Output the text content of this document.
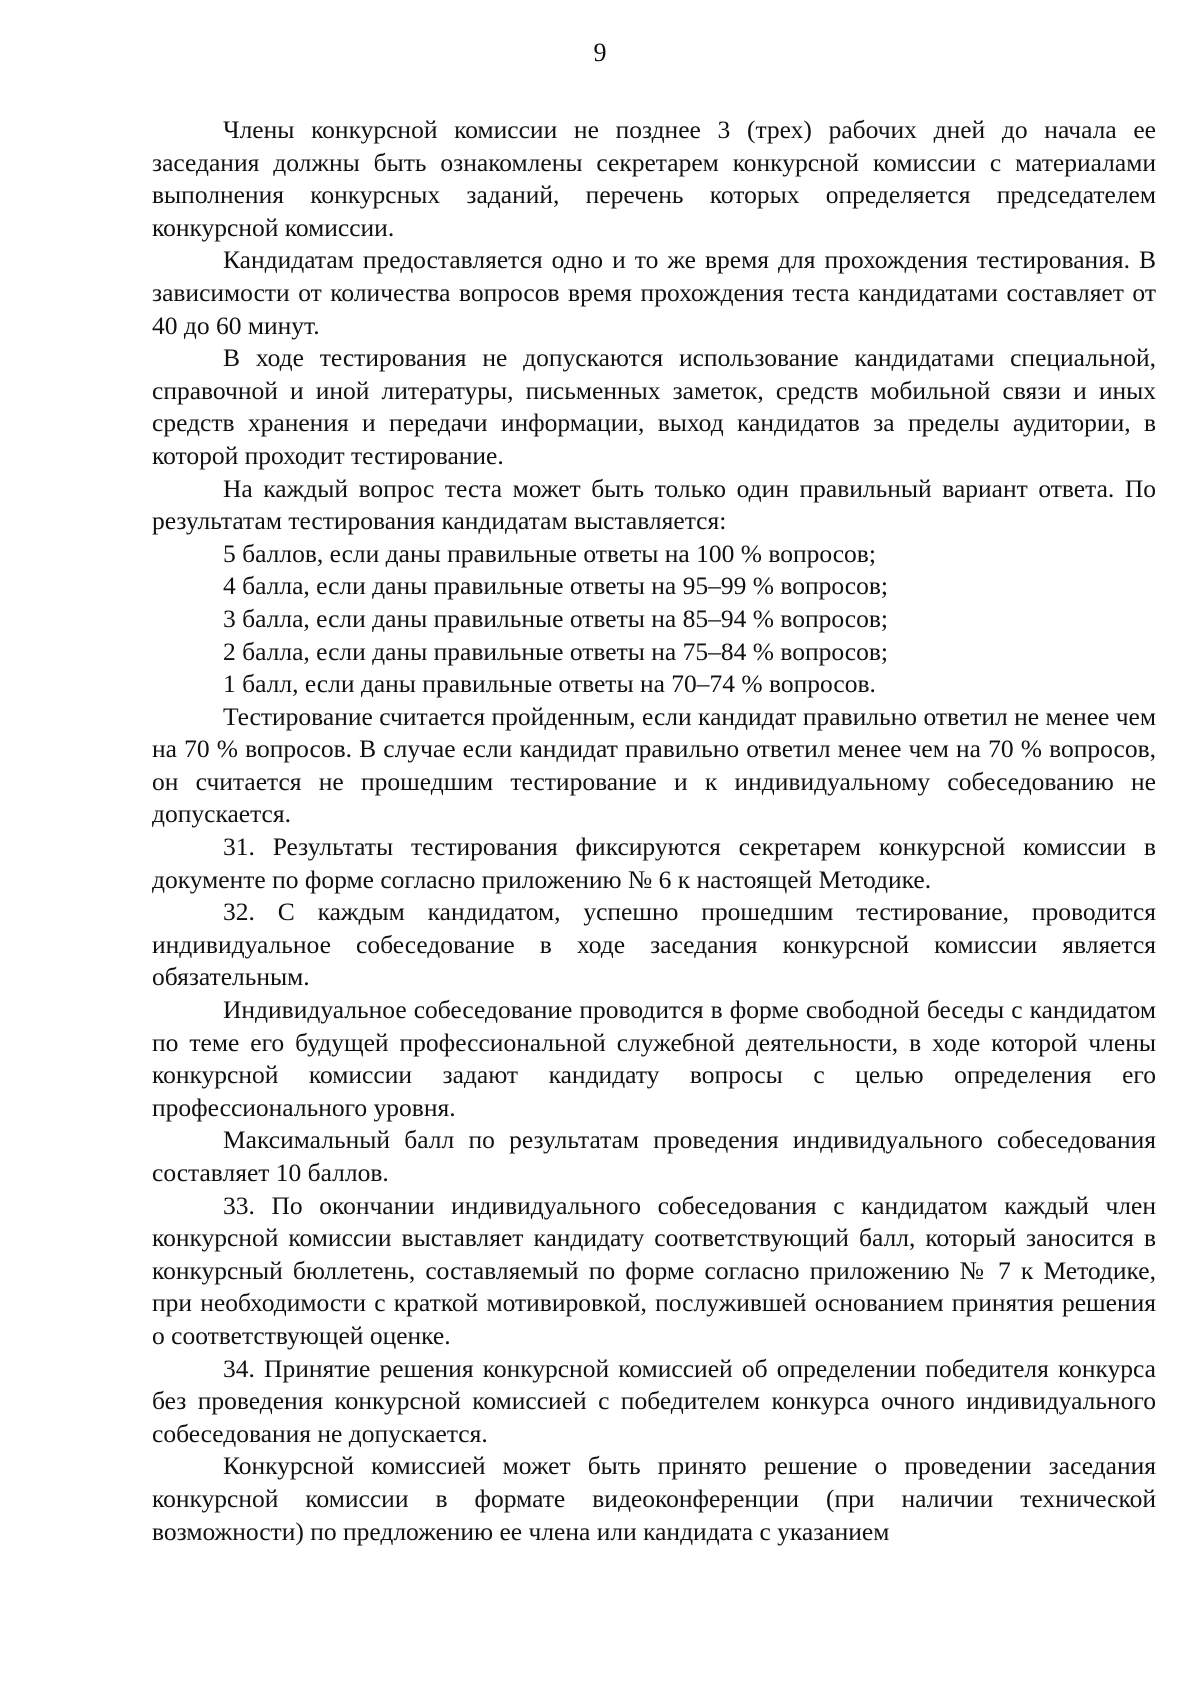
9

Члены конкурсной комиссии не позднее 3 (трех) рабочих дней до начала ее заседания должны быть ознакомлены секретарем конкурсной комиссии с материалами выполнения конкурсных заданий, перечень которых определяется председателем конкурсной комиссии.

Кандидатам предоставляется одно и то же время для прохождения тестирования. В зависимости от количества вопросов время прохождения теста кандидатами составляет от 40 до 60 минут.

В ходе тестирования не допускаются использование кандидатами специальной, справочной и иной литературы, письменных заметок, средств мобильной связи и иных средств хранения и передачи информации, выход кандидатов за пределы аудитории, в которой проходит тестирование.

На каждый вопрос теста может быть только один правильный вариант ответа. По результатам тестирования кандидатам выставляется:

5 баллов, если даны правильные ответы на 100 % вопросов;

4 балла, если даны правильные ответы на 95–99 % вопросов;

3 балла, если даны правильные ответы на 85–94 % вопросов;

2 балла, если даны правильные ответы на 75–84 % вопросов;

1 балл, если даны правильные ответы на 70–74 % вопросов.

Тестирование считается пройденным, если кандидат правильно ответил не менее чем на 70 % вопросов. В случае если кандидат правильно ответил менее чем на 70 % вопросов, он считается не прошедшим тестирование и к индивидуальному собеседованию не допускается.

31. Результаты тестирования фиксируются секретарем конкурсной комиссии в документе по форме согласно приложению № 6 к настоящей Методике.

32. С каждым кандидатом, успешно прошедшим тестирование, проводится индивидуальное собеседование в ходе заседания конкурсной комиссии является обязательным.

Индивидуальное собеседование проводится в форме свободной беседы с кандидатом по теме его будущей профессиональной служебной деятельности, в ходе которой члены конкурсной комиссии задают кандидату вопросы с целью определения его профессионального уровня.

Максимальный балл по результатам проведения индивидуального собеседования составляет 10 баллов.

33. По окончании индивидуального собеседования с кандидатом каждый член конкурсной комиссии выставляет кандидату соответствующий балл, который заносится в конкурсный бюллетень, составляемый по форме согласно приложению № 7 к Методике, при необходимости с краткой мотивировкой, послужившей основанием принятия решения о соответствующей оценке.

34. Принятие решения конкурсной комиссией об определении победителя конкурса без проведения конкурсной комиссией с победителем конкурса очного индивидуального собеседования не допускается.

Конкурсной комиссией может быть принято решение о проведении заседания конкурсной комиссии в формате видеоконференции (при наличии технической возможности) по предложению ее члена или кандидата с указанием
